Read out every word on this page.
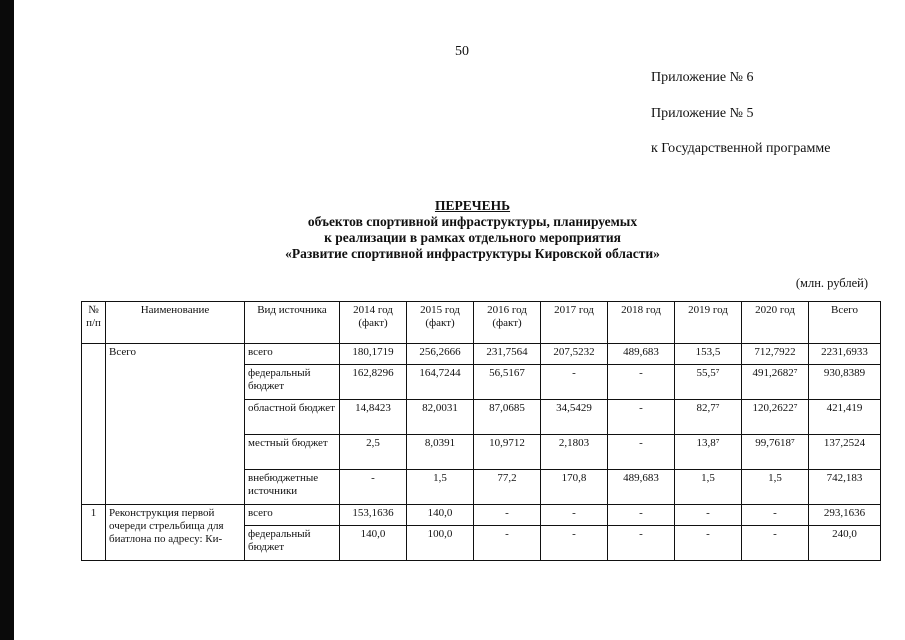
50
Приложение № 6
Приложение № 5
к Государственной программе
ПЕРЕЧЕНЬ
объектов спортивной инфраструктуры, планируемых
к реализации в рамках отдельного мероприятия
«Развитие спортивной инфраструктуры Кировской области»
(млн. рублей)
№ п/п	Наименование	Вид источника	2014 год (факт)	2015 год (факт)	2016 год (факт)	2017 год	2018 год	2019 год	2020 год	Всего
	Всего	всего	180,1719	256,2666	231,7564	207,5232	489,683	153,5	712,7922	2231,6933
		федеральный бюджет	162,8296	164,7244	56,5167	-	-	55,5⁷	491,2682⁷	930,8389
		областной бюджет	14,8423	82,0031	87,0685	34,5429	-	82,7⁷	120,2622⁷	421,419
		местный бюджет	2,5	8,0391	10,9712	2,1803	-	13,8⁷	99,7618⁷	137,2524
		внебюджетные источники	-	1,5	77,2	170,8	489,683	1,5	1,5	742,183
1	Реконструкция первой очереди стрельбища для биатлона по адресу: Ки-	всего	153,1636	140,0	-	-	-	-	-	293,1636
		федеральный бюджет	140,0	100,0	-	-	-	-	-	240,0
